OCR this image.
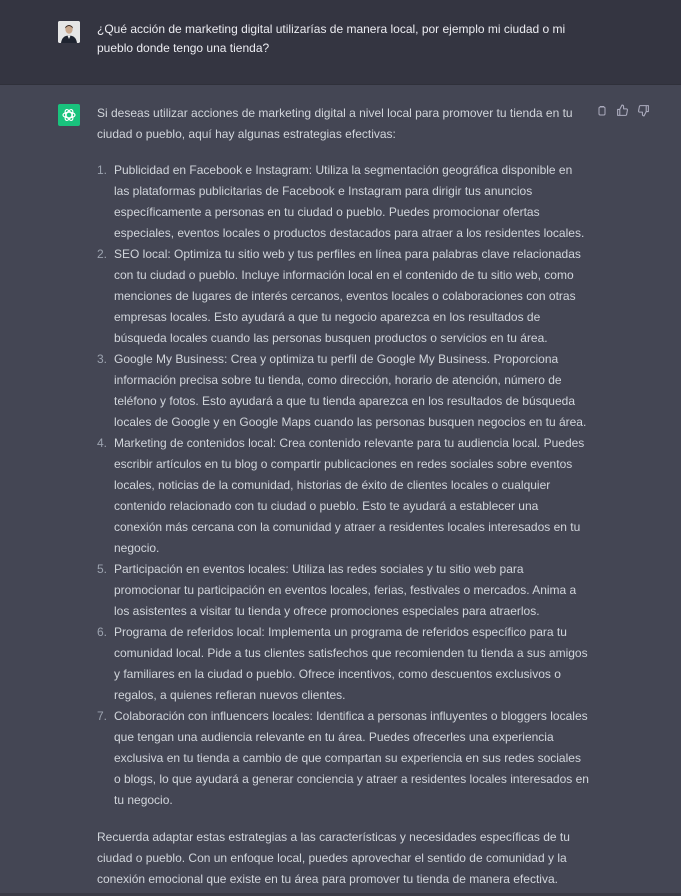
¿Qué acción de marketing digital utilizarías de manera local, por ejemplo mi ciudad o mi pueblo donde tengo una tienda?

Si deseas utilizar acciones de marketing digital a nivel local para promover tu tienda en tu ciudad o pueblo, aquí hay algunas estrategias efectivas:

1. Publicidad en Facebook e Instagram: Utiliza la segmentación geográfica disponible en las plataformas publicitarias de Facebook e Instagram para dirigir tus anuncios específicamente a personas en tu ciudad o pueblo. Puedes promocionar ofertas especiales, eventos locales o productos destacados para atraer a los residentes locales.
2. SEO local: Optimiza tu sitio web y tus perfiles en línea para palabras clave relacionadas con tu ciudad o pueblo. Incluye información local en el contenido de tu sitio web, como menciones de lugares de interés cercanos, eventos locales o colaboraciones con otras empresas locales. Esto ayudará a que tu negocio aparezca en los resultados de búsqueda locales cuando las personas busquen productos o servicios en tu área.
3. Google My Business: Crea y optimiza tu perfil de Google My Business. Proporciona información precisa sobre tu tienda, como dirección, horario de atención, número de teléfono y fotos. Esto ayudará a que tu tienda aparezca en los resultados de búsqueda locales de Google y en Google Maps cuando las personas busquen negocios en tu área.
4. Marketing de contenidos local: Crea contenido relevante para tu audiencia local. Puedes escribir artículos en tu blog o compartir publicaciones en redes sociales sobre eventos locales, noticias de la comunidad, historias de éxito de clientes locales o cualquier contenido relacionado con tu ciudad o pueblo. Esto te ayudará a establecer una conexión más cercana con la comunidad y atraer a residentes locales interesados en tu negocio.
5. Participación en eventos locales: Utiliza las redes sociales y tu sitio web para promocionar tu participación en eventos locales, ferias, festivales o mercados. Anima a los asistentes a visitar tu tienda y ofrece promociones especiales para atraerlos.
6. Programa de referidos local: Implementa un programa de referidos específico para tu comunidad local. Pide a tus clientes satisfechos que recomienden tu tienda a sus amigos y familiares en la ciudad o pueblo. Ofrece incentivos, como descuentos exclusivos o regalos, a quienes refieran nuevos clientes.
7. Colaboración con influencers locales: Identifica a personas influyentes o bloggers locales que tengan una audiencia relevante en tu área. Puedes ofrecerles una experiencia exclusiva en tu tienda a cambio de que compartan su experiencia en sus redes sociales o blogs, lo que ayudará a generar conciencia y atraer a residentes locales interesados en tu negocio.

Recuerda adaptar estas estrategias a las características y necesidades específicas de tu ciudad o pueblo. Con un enfoque local, puedes aprovechar el sentido de comunidad y la conexión emocional que existe en tu área para promover tu tienda de manera efectiva.
